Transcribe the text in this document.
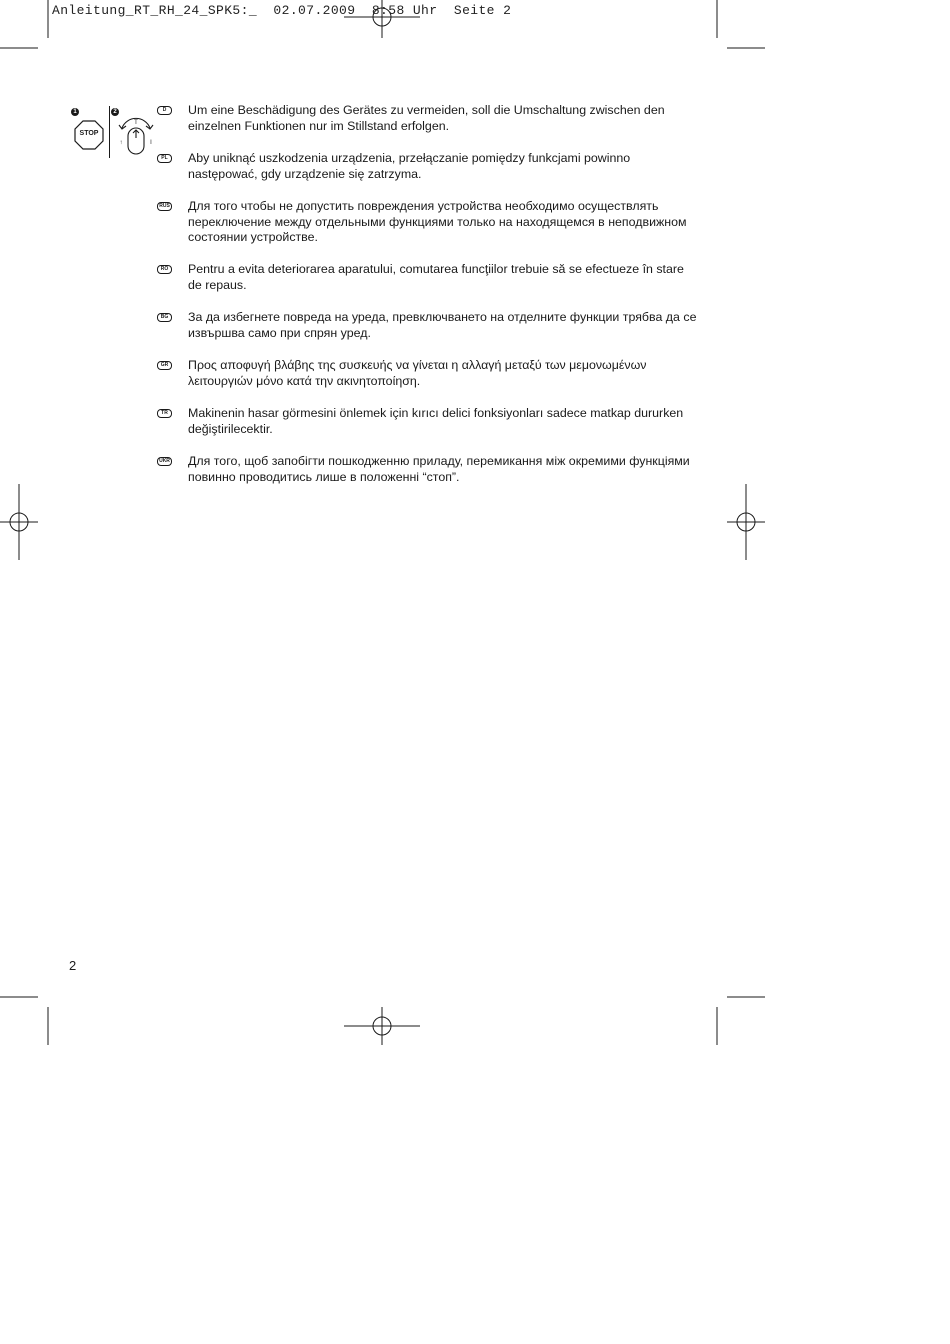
Anleitung_RT_RH_24_SPK5:_  02.07.2009  8:58 Uhr  Seite 2
1
STOP
2
T
↑	I
D	Um eine Beschädigung des Gerätes zu vermeiden, soll die Umschaltung zwischen den einzelnen Funktionen nur im Stillstand erfolgen.
PL	Aby uniknąć uszkodzenia urządzenia, przełączanie pomiędzy funkcjami powinno następować, gdy urządzenie się zatrzyma.
RUS Для того чтобы не допустить повреждения устройства необходимо осуществлять переключение между отдельными функциями только на находящемся в неподвижном состоянии устройстве.
RO	Pentru a evita deteriorarea aparatului, comutarea funcţiilor trebuie să se efectueze în stare de repaus.
BG	За да избегнете повреда на уреда, превключването на отделните функции трябва да се извършва само при спрян уред.
GR	Προς αποφυγή βλάβης της συσκευής να γίνεται η αλλαγή μεταξύ των μεμονωμένων λειτουργιών μόνο κατά την ακινητοποίηση.
TR	Makinenin hasar görmesini önlemek için kırıcı delici fonksiyonları sadece matkap dururken değiştirilecektir.
UKR Для того, щоб запобігти пошкодженню приладу, перемикання між окремими функціями повинно проводитись лише в положенні “стоп”.
2
